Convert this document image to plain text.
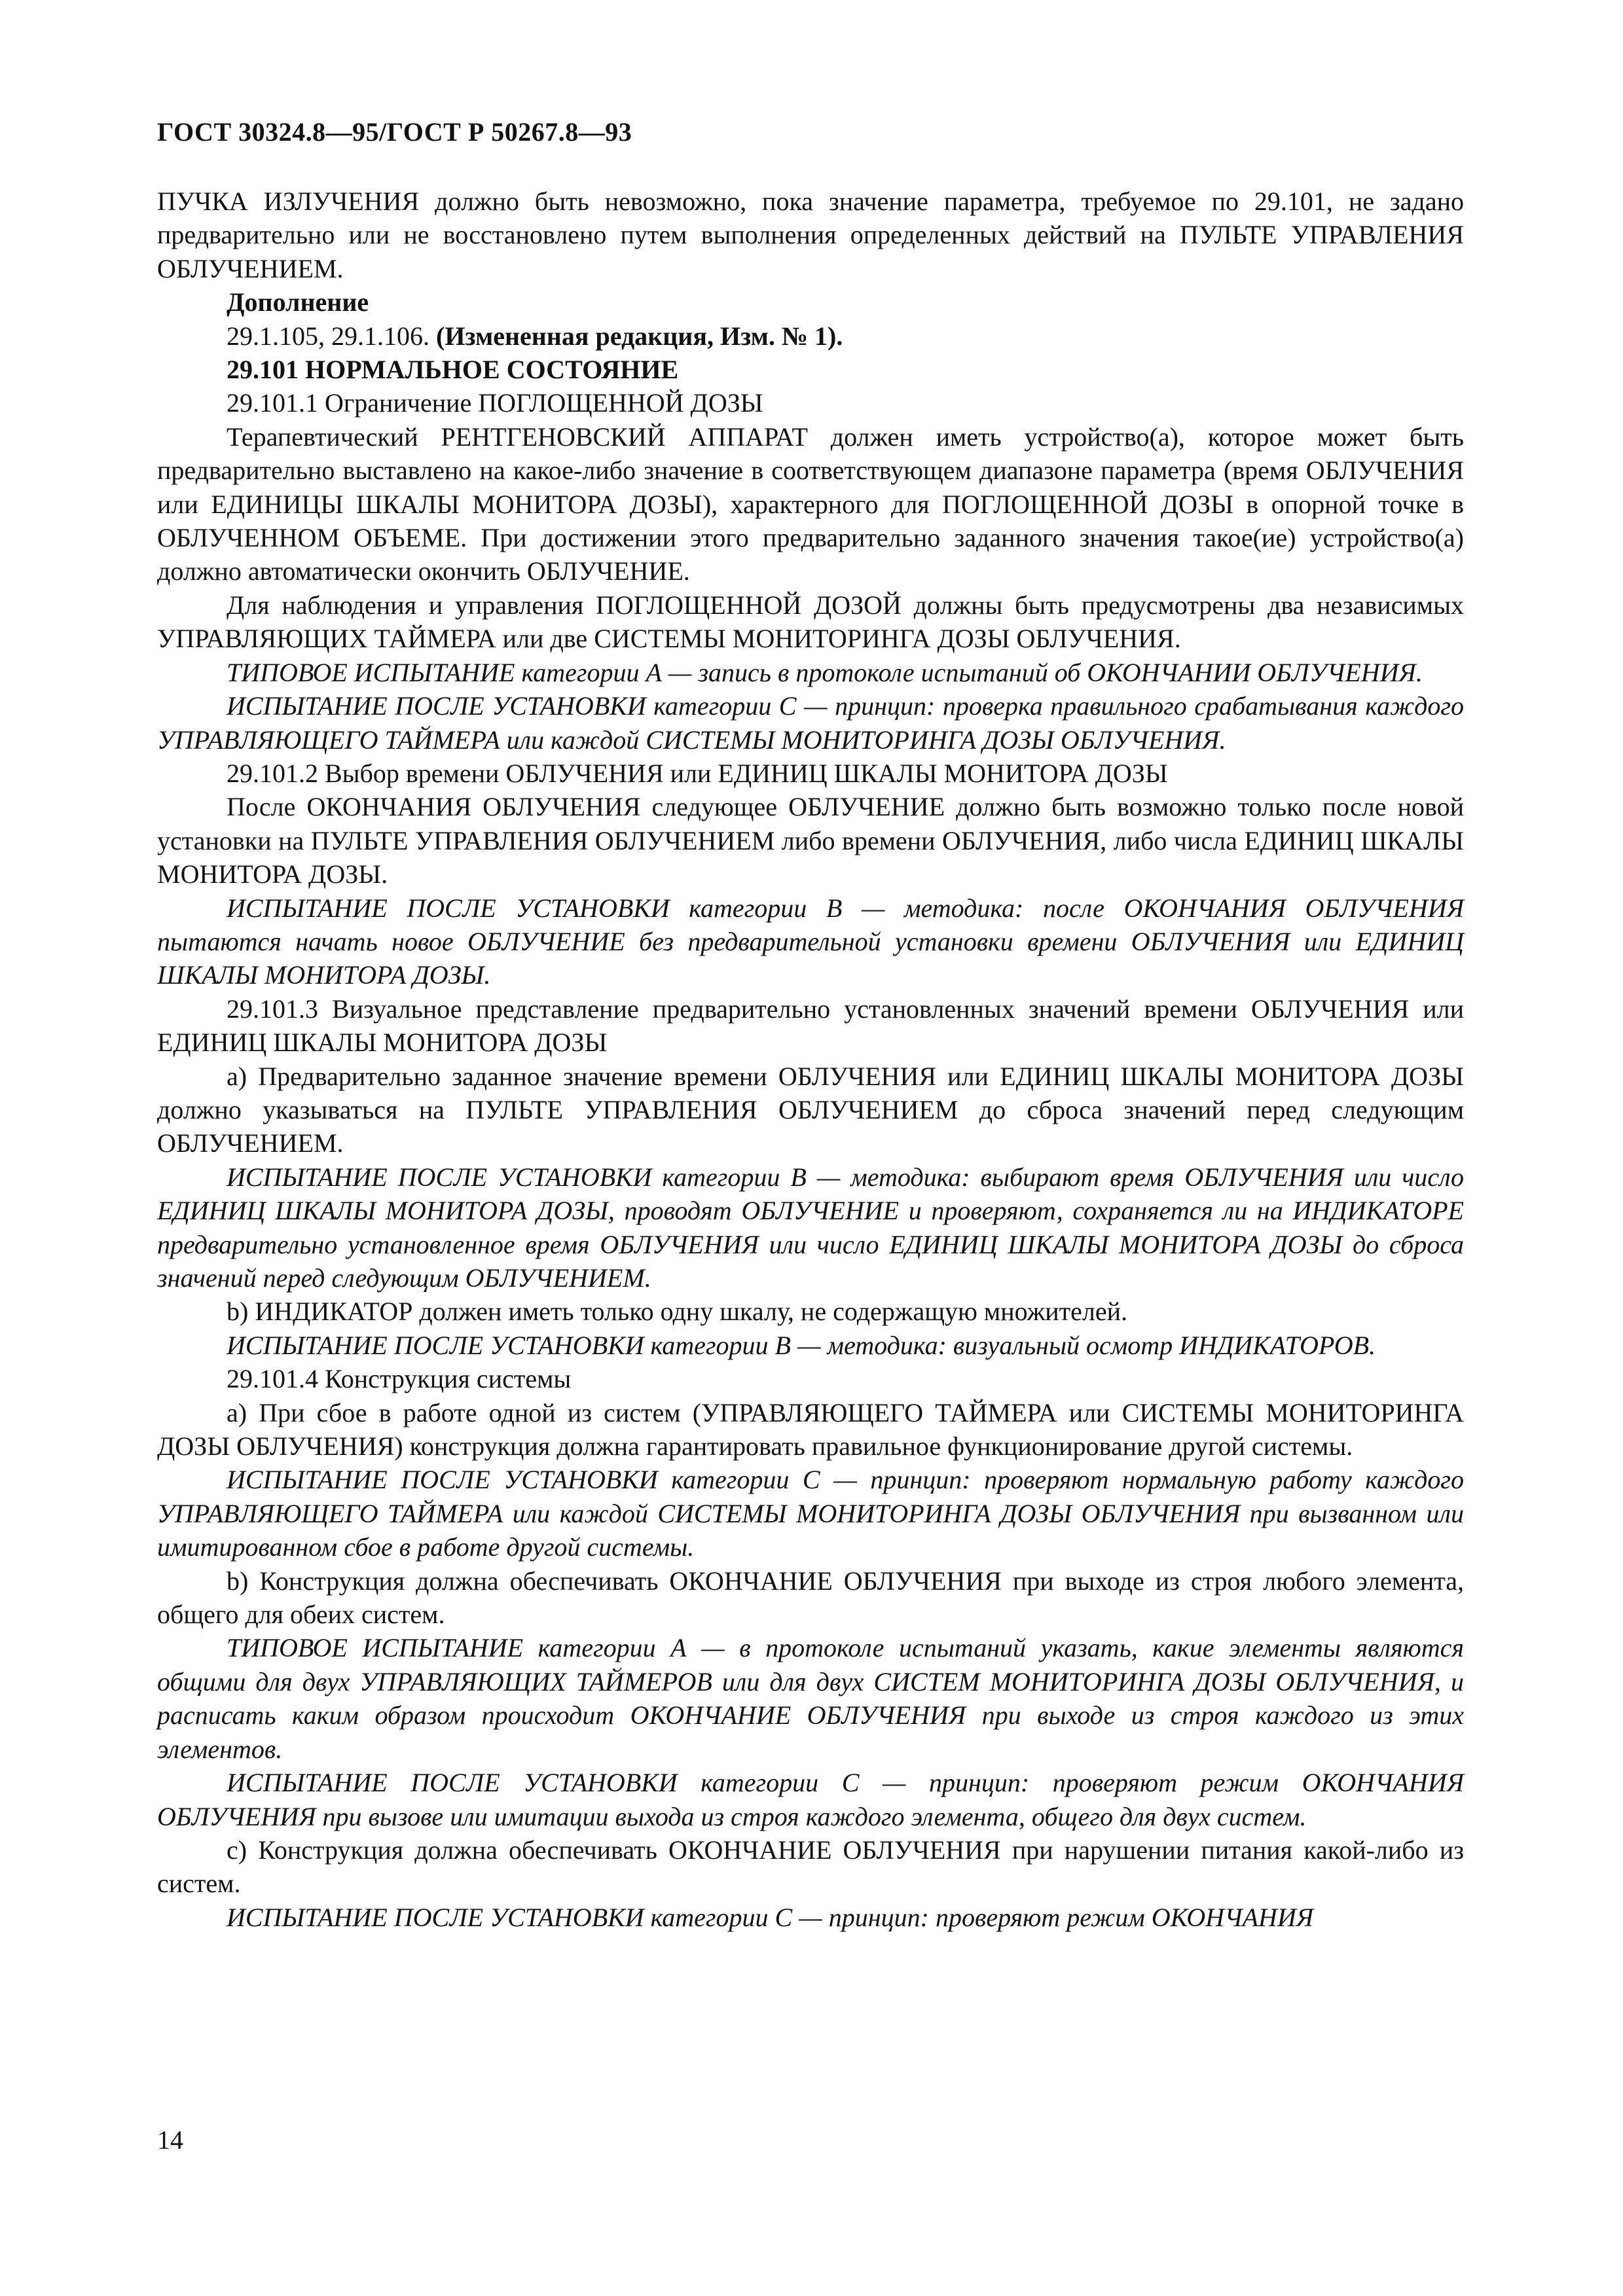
ГОСТ 30324.8—95/ГОСТ Р 50267.8—93

ПУЧКА ИЗЛУЧЕНИЯ должно быть невозможно, пока значение параметра, требуемое по 29.101, не задано предварительно или не восстановлено путем выполнения определенных действий на ПУЛЬТЕ УПРАВЛЕНИЯ ОБЛУЧЕНИЕМ.

Дополнение

29.1.105, 29.1.106. (Измененная редакция, Изм. № 1).

29.101 НОРМАЛЬНОЕ СОСТОЯНИЕ

29.101.1 Ограничение ПОГЛОЩЕННОЙ ДОЗЫ

Терапевтический РЕНТГЕНОВСКИЙ АППАРАТ должен иметь устройство(а), которое может быть предварительно выставлено на какое-либо значение в соответствующем диапазоне параметра (время ОБЛУЧЕНИЯ или ЕДИНИЦЫ ШКАЛЫ МОНИТОРА ДОЗЫ), характерного для ПОГЛОЩЕННОЙ ДОЗЫ в опорной точке в ОБЛУЧЕННОМ ОБЪЕМЕ. При достижении этого предварительно заданного значения такое(ие) устройство(а) должно автоматически окончить ОБЛУЧЕНИЕ.

Для наблюдения и управления ПОГЛОЩЕННОЙ ДОЗОЙ должны быть предусмотрены два независимых УПРАВЛЯЮЩИХ ТАЙМЕРА или две СИСТЕМЫ МОНИТОРИНГА ДОЗЫ ОБЛУЧЕНИЯ.

ТИПОВОЕ ИСПЫТАНИЕ категории А — запись в протоколе испытаний об ОКОНЧАНИИ ОБЛУЧЕНИЯ.

ИСПЫТАНИЕ ПОСЛЕ УСТАНОВКИ категории С — принцип: проверка правильного срабатывания каждого УПРАВЛЯЮЩЕГО ТАЙМЕРА или каждой СИСТЕМЫ МОНИТОРИНГА ДОЗЫ ОБЛУЧЕНИЯ.

29.101.2 Выбор времени ОБЛУЧЕНИЯ или ЕДИНИЦ ШКАЛЫ МОНИТОРА ДОЗЫ

После ОКОНЧАНИЯ ОБЛУЧЕНИЯ следующее ОБЛУЧЕНИЕ должно быть возможно только после новой установки на ПУЛЬТЕ УПРАВЛЕНИЯ ОБЛУЧЕНИЕМ либо времени ОБЛУЧЕНИЯ, либо числа ЕДИНИЦ ШКАЛЫ МОНИТОРА ДОЗЫ.

ИСПЫТАНИЕ ПОСЛЕ УСТАНОВКИ категории В — методика: после ОКОНЧАНИЯ ОБЛУЧЕНИЯ пытаются начать новое ОБЛУЧЕНИЕ без предварительной установки времени ОБЛУЧЕНИЯ или ЕДИНИЦ ШКАЛЫ МОНИТОРА ДОЗЫ.

29.101.3 Визуальное представление предварительно установленных значений времени ОБЛУЧЕНИЯ или ЕДИНИЦ ШКАЛЫ МОНИТОРА ДОЗЫ

а) Предварительно заданное значение времени ОБЛУЧЕНИЯ или ЕДИНИЦ ШКАЛЫ МОНИТОРА ДОЗЫ должно указываться на ПУЛЬТЕ УПРАВЛЕНИЯ ОБЛУЧЕНИЕМ до сброса значений перед следующим ОБЛУЧЕНИЕМ.

ИСПЫТАНИЕ ПОСЛЕ УСТАНОВКИ категории В — методика: выбирают время ОБЛУЧЕНИЯ или число ЕДИНИЦ ШКАЛЫ МОНИТОРА ДОЗЫ, проводят ОБЛУЧЕНИЕ и проверяют, сохраняется ли на ИНДИКАТОРЕ предварительно установленное время ОБЛУЧЕНИЯ или число ЕДИНИЦ ШКАЛЫ МОНИТОРА ДОЗЫ до сброса значений перед следующим ОБЛУЧЕНИЕМ.

b) ИНДИКАТОР должен иметь только одну шкалу, не содержащую множителей.

ИСПЫТАНИЕ ПОСЛЕ УСТАНОВКИ категории В — методика: визуальный осмотр ИНДИКАТОРОВ.

29.101.4 Конструкция системы

а) При сбое в работе одной из систем (УПРАВЛЯЮЩЕГО ТАЙМЕРА или СИСТЕМЫ МОНИТОРИНГА ДОЗЫ ОБЛУЧЕНИЯ) конструкция должна гарантировать правильное функционирование другой системы.

ИСПЫТАНИЕ ПОСЛЕ УСТАНОВКИ категории С — принцип: проверяют нормальную работу каждого УПРАВЛЯЮЩЕГО ТАЙМЕРА или каждой СИСТЕМЫ МОНИТОРИНГА ДОЗЫ ОБЛУЧЕНИЯ при вызванном или имитированном сбое в работе другой системы.

b) Конструкция должна обеспечивать ОКОНЧАНИЕ ОБЛУЧЕНИЯ при выходе из строя любого элемента, общего для обеих систем.

ТИПОВОЕ ИСПЫТАНИЕ категории А — в протоколе испытаний указать, какие элементы являются общими для двух УПРАВЛЯЮЩИХ ТАЙМЕРОВ или для двух СИСТЕМ МОНИТОРИНГА ДОЗЫ ОБЛУЧЕНИЯ, и расписать каким образом происходит ОКОНЧАНИЕ ОБЛУЧЕНИЯ при выходе из строя каждого из этих элементов.

ИСПЫТАНИЕ ПОСЛЕ УСТАНОВКИ категории С — принцип: проверяют режим ОКОНЧАНИЯ ОБЛУЧЕНИЯ при вызове или имитации выхода из строя каждого элемента, общего для двух систем.

с) Конструкция должна обеспечивать ОКОНЧАНИЕ ОБЛУЧЕНИЯ при нарушении питания какой-либо из систем.

ИСПЫТАНИЕ ПОСЛЕ УСТАНОВКИ категории С — принцип: проверяют режим ОКОНЧАНИЯ

14
